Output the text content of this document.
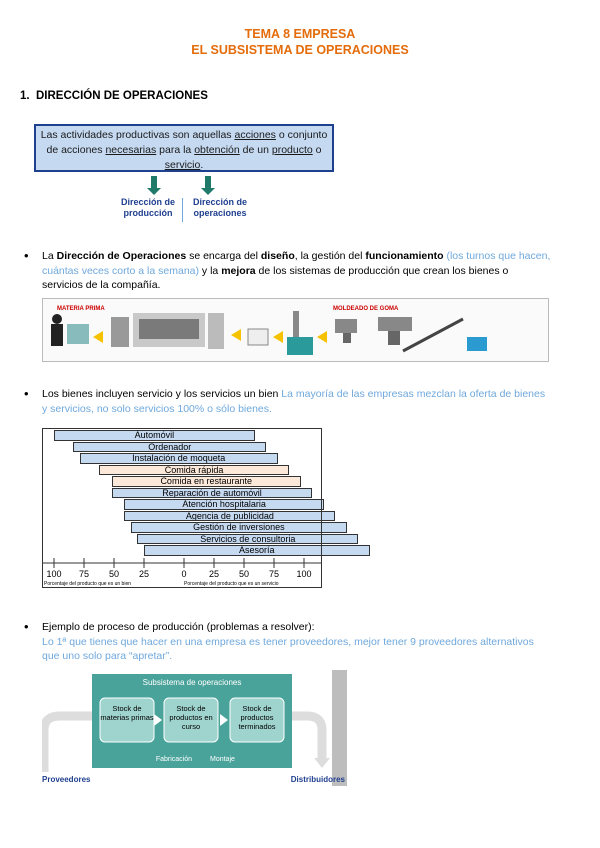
TEMA 8 EMPRESA
EL SUBSISTEMA DE OPERACIONES
1. DIRECCIÓN DE OPERACIONES
Las actividades productivas son aquellas acciones o conjunto de acciones necesarias para la obtención de un producto o servicio.
Dirección de producción
Dirección de operaciones
• La Dirección de Operaciones se encarga del diseño, la gestión del funcionamiento (los turnos que hacen, cuántas veces corto a la semana) y la mejora de los sistemas de producción que crean los bienes o servicios de la compañía.
MATERIA PRIMA	MOLDEADO DE GOMA
• Los bienes incluyen servicio y los servicios un bien La mayoría de las empresas mezclan la oferta de bienes y servicios, no solo servicios 100% o sólo bienes.
Automóvil
Ordenador
Instalación de moqueta
Comida rápida
Comida en restaurante
Reparación de automóvil
Atención hospitalaria
Agencia de publicidad
Gestión de inversiones
Servicios de consultoria
Asesoría
100 75 50 25	0 25 50 75 100
Porcentaje del producto que es un bien	Porcentaje del producto que es un servicio
• Ejemplo de proceso de producción (problemas a resolver):
Lo 1ª que tienes que hacer en una empresa es tener proveedores, mejor tener 9 proveedores alternativos que uno solo para “apretar”.
Subsistema de operaciones
Fabricación	Montaje
Proveedores	Distribuidores
Stock de materias primas
Stock de productos en curso
Stock de productos terminados
